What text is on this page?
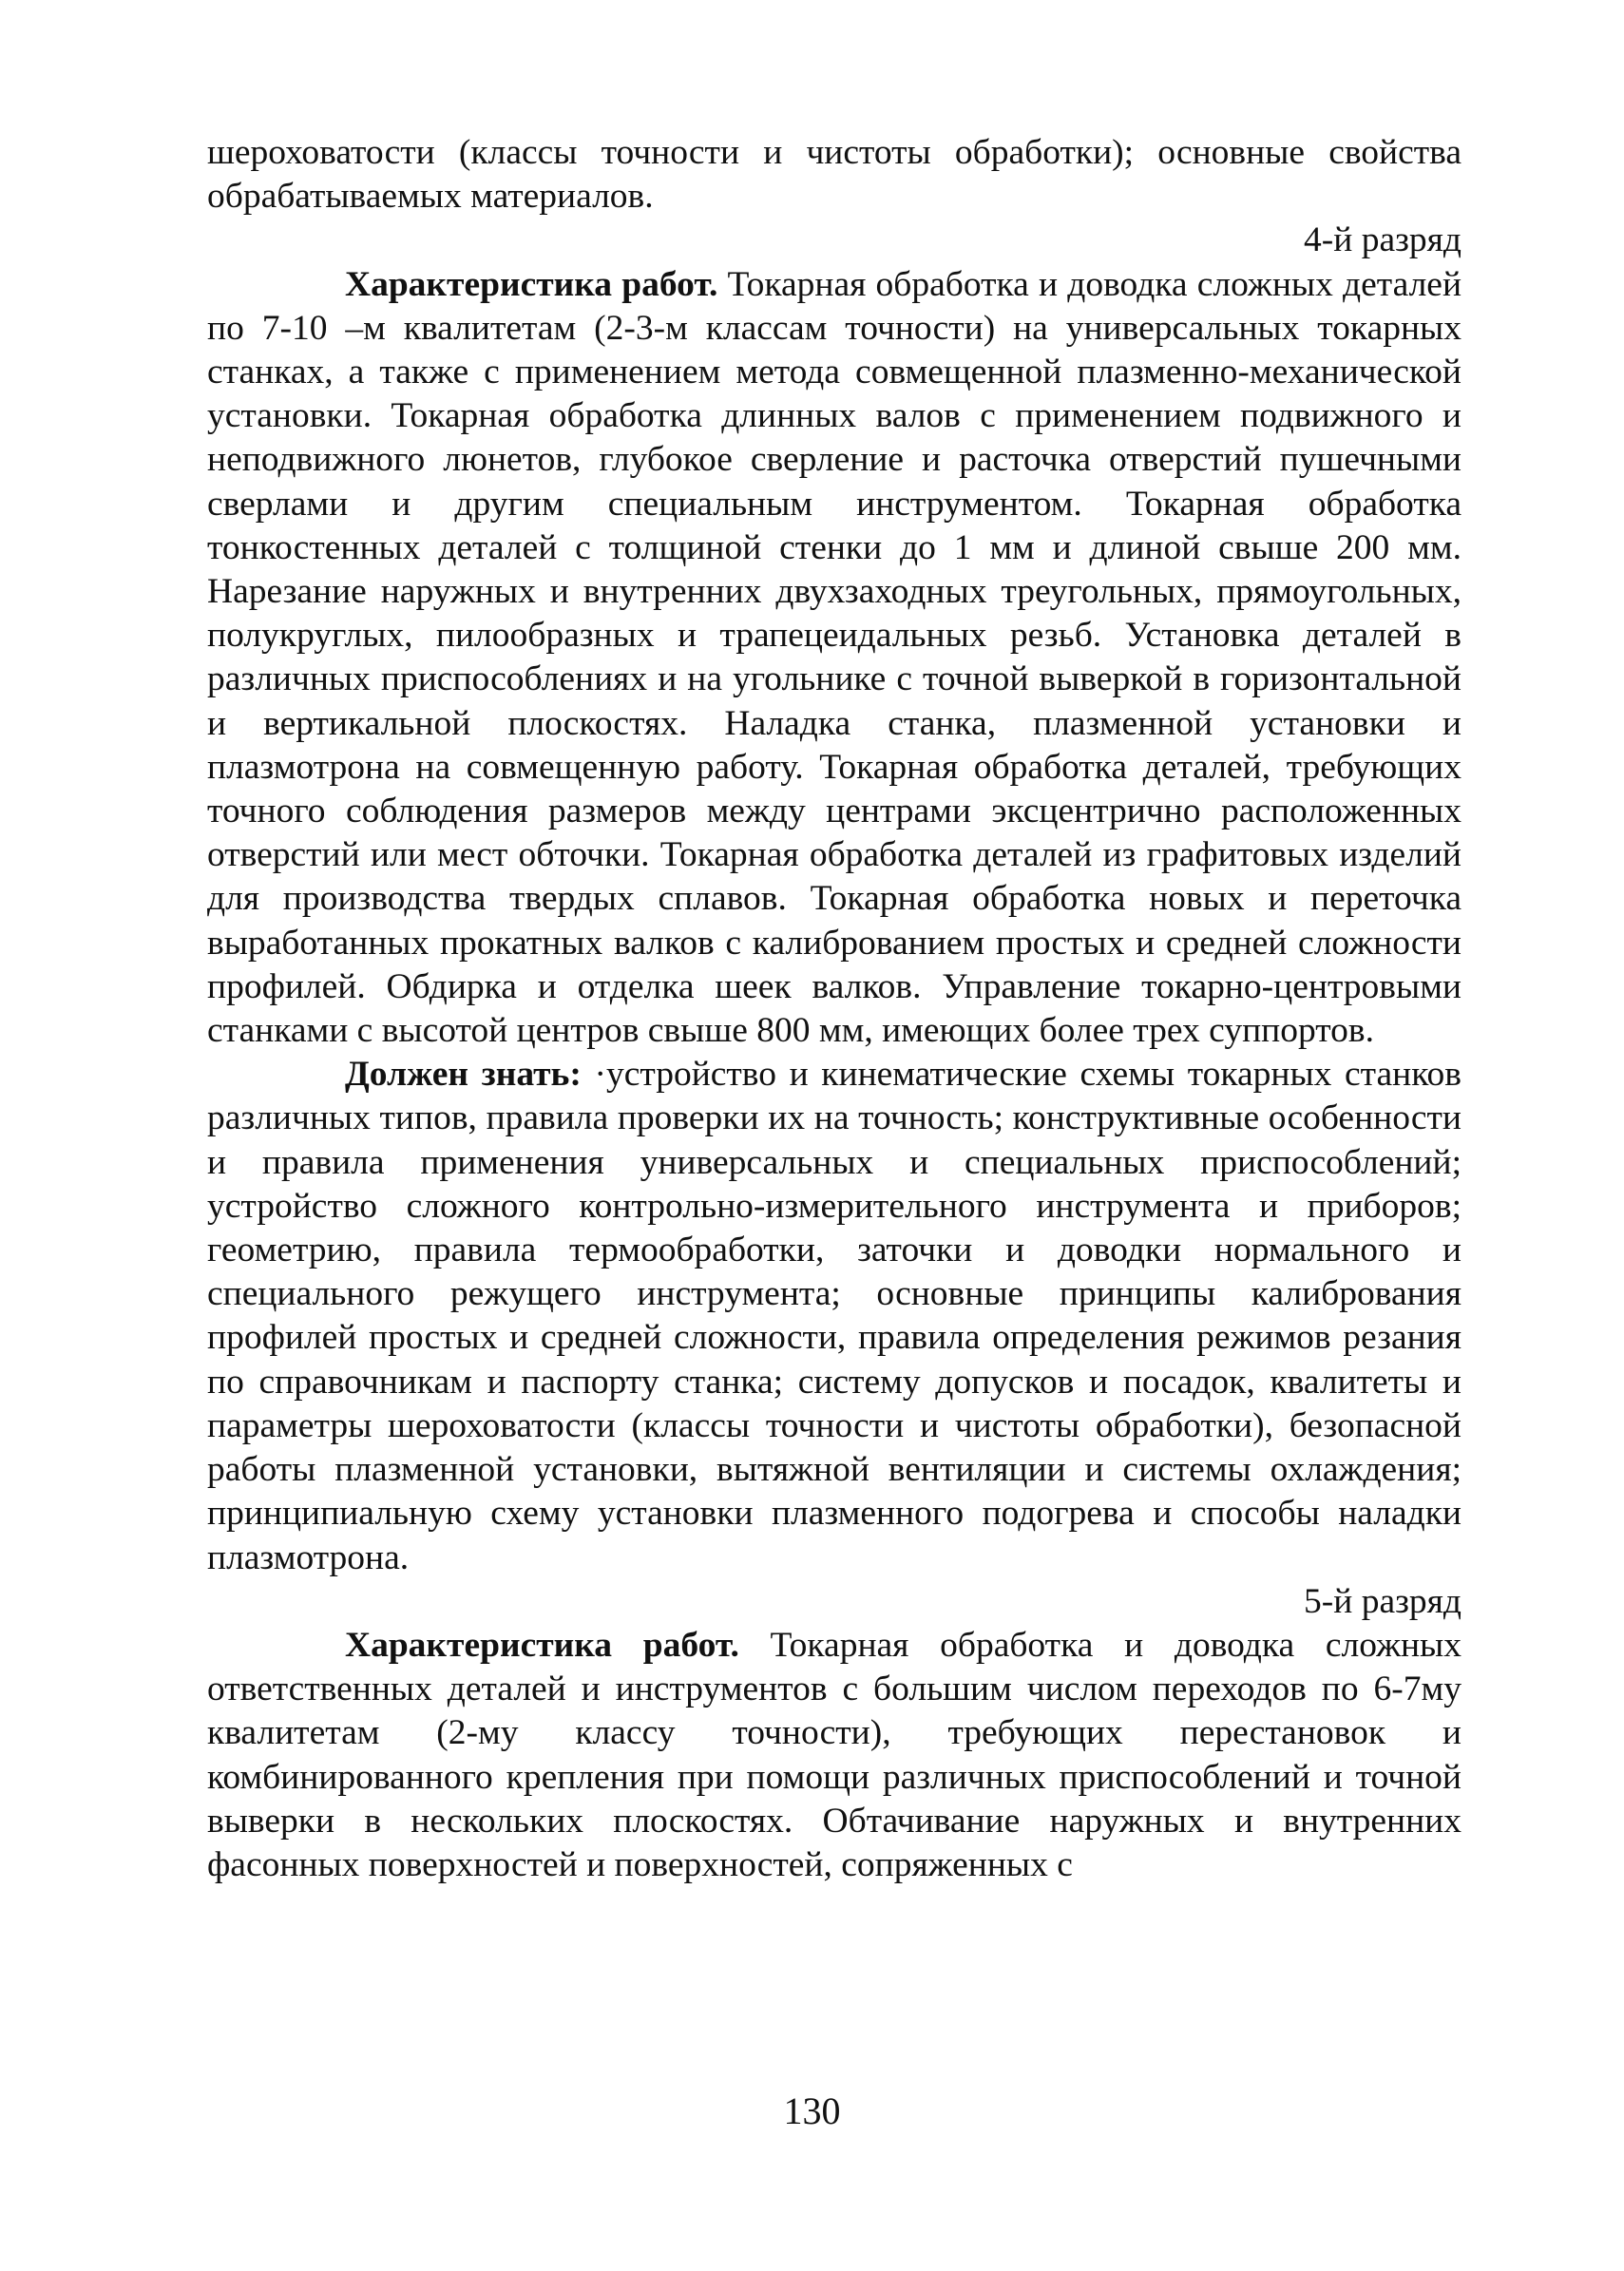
шероховатости (классы точности и чистоты обработки); основные свойства обрабатываемых материалов.

4-й разряд

Характеристика работ. Токарная обработка и доводка сложных деталей по 7-10 –м квалитетам (2-3-м классам точности) на универсальных токарных станках, а также с применением метода совмещенной плазменно-механической установки. Токарная обработка длинных валов с применением подвижного и неподвижного люнетов, глубокое сверление и расточка отверстий пушечными сверлами и другим специальным инструментом. Токарная обработка тонкостенных деталей с толщиной стенки до 1 мм и длиной свыше 200 мм. Нарезание наружных и внутренних двухзаходных треугольных, прямоугольных, полукруглых, пилообразных и трапецеидальных резьб. Установка деталей в различных приспособлениях и на угольнике с точной выверкой в горизонтальной и вертикальной плоскостях. Наладка станка, плазменной установки и плазмотрона на совмещенную работу. Токарная обработка деталей, требующих точного соблюдения размеров между центрами эксцентрично расположенных отверстий или мест обточки. Токарная обработка деталей из графитовых изделий для производства твердых сплавов. Токарная обработка новых и переточка выработанных прокатных валков с калиброванием простых и средней сложности профилей. Обдирка и отделка шеек валков. Управление токарно-центровыми станками с высотой центров свыше 800 мм, имеющих более трех суппортов.

Должен знать: ·устройство и кинематические схемы токарных станков различных типов, правила проверки их на точность; конструктивные особенности и правила применения универсальных и специальных приспособлений; устройство сложного контрольно-измерительного инструмента и приборов; геометрию, правила термообработки, заточки и доводки нормального и специального режущего инструмента; основные принципы калибрования профилей простых и средней сложности, правила определения режимов резания по справочникам и паспорту станка; систему допусков и посадок, квалитеты и параметры шероховатости (классы точности и чистоты обработки), безопасной работы плазменной установки, вытяжной вентиляции и системы охлаждения; принципиальную схему установки плазменного подогрева и способы наладки плазмотрона.

5-й разряд

Характеристика работ. Токарная обработка и доводка сложных ответственных деталей и инструментов с большим числом переходов по 6-7му квалитетам (2-му классу точности), требующих перестановок и комбинированного крепления при помощи различных приспособлений и точной выверки в нескольких плоскостях. Обтачивание наружных и внутренних фасонных поверхностей и поверхностей, сопряженных с

130
